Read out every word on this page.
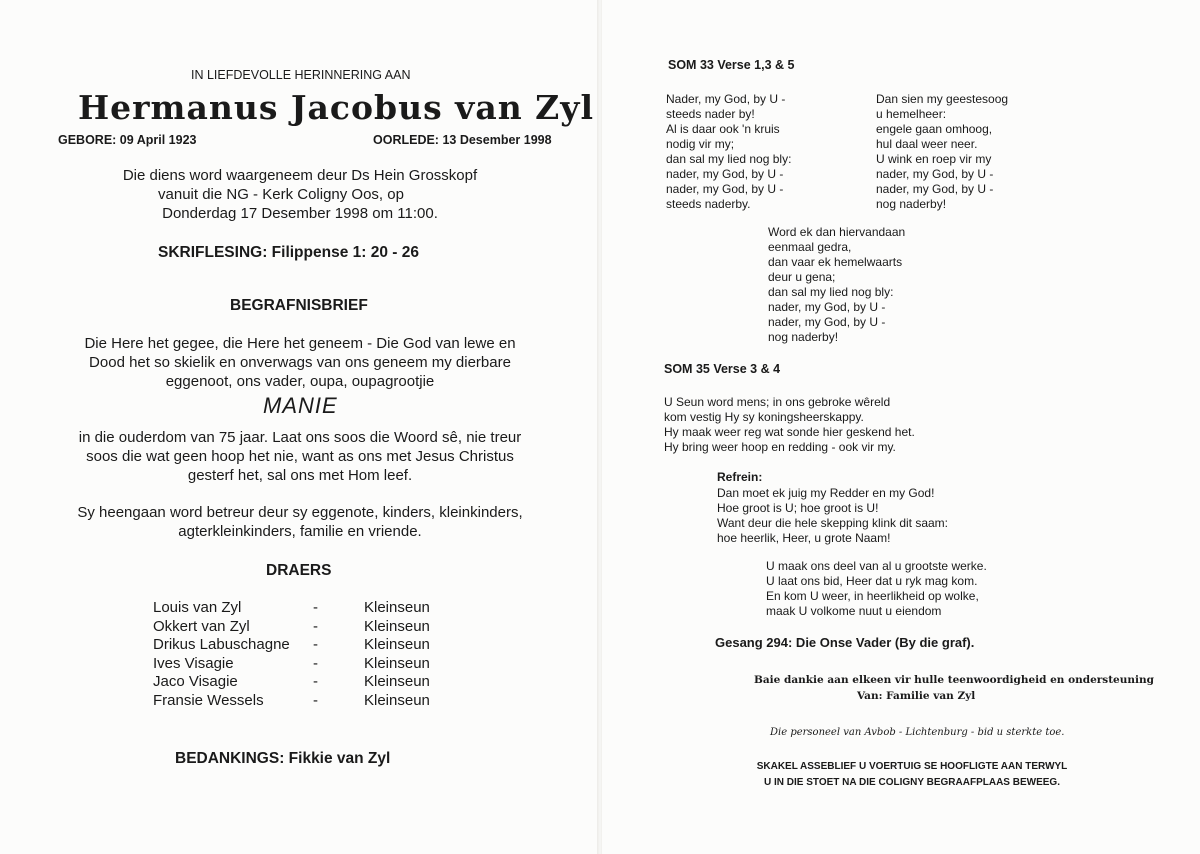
IN LIEFDEVOLLE HERINNERING AAN
Hermanus Jacobus van Zyl
GEBORE: 09 April 1923	OORLEDE: 13 Desember 1998
Die diens word waargeneem deur Ds Hein Grosskopf
vanuit die NG - Kerk Coligny Oos, op
Donderdag 17 Desember 1998 om 11:00.
SKRIFLESING: Filippense 1: 20 - 26
BEGRAFNISBRIEF
Die Here het gegee, die Here het geneem - Die God van lewe en
Dood het so skielik en onverwags van ons geneem my dierbare
eggenoot, ons vader, oupa, oupagrootjie
MANIE
in die ouderdom van 75 jaar. Laat ons soos die Woord sê, nie treur
soos die wat geen hoop het nie, want as ons met Jesus Christus
gesterf het, sal ons met Hom leef.
Sy heengaan word betreur deur sy eggenote, kinders, kleinkinders,
agterkleinkinders, familie en vriende.
DRAERS
Louis van Zyl	-	Kleinseun
Okkert van Zyl	-	Kleinseun
Drikus Labuschagne	-	Kleinseun
Ives Visagie	-	Kleinseun
Jaco Visagie	-	Kleinseun
Fransie Wessels	-	Kleinseun
BEDANKINGS: Fikkie van Zyl
SOM 33 Verse 1,3 & 5
Nader, my God, by U -
steeds nader by!
Al is daar ook 'n kruis
nodig vir my;
dan sal my lied nog bly:
nader, my God, by U -
nader, my God, by U -
steeds naderby.
Dan sien my geestesoog
u hemelheer:
engele gaan omhoog,
hul daal weer neer.
U wink en roep vir my
nader, my God, by U -
nader, my God, by U -
nog naderby!
Word ek dan hiervandaan
eenmaal gedra,
dan vaar ek hemelwaarts
deur u gena;
dan sal my lied nog bly:
nader, my God, by U -
nader, my God, by U -
nog naderby!
SOM 35 Verse 3 & 4
U Seun word mens; in ons gebroke wêreld
kom vestig Hy sy koningsheerskappy.
Hy maak weer reg wat sonde hier geskend het.
Hy bring weer hoop en redding - ook vir my.
Refrein:
Dan moet ek juig my Redder en my God!
Hoe groot is U; hoe groot is U!
Want deur die hele skepping klink dit saam:
hoe heerlik, Heer, u grote Naam!
U maak ons deel van al u grootste werke.
U laat ons bid, Heer dat u ryk mag kom.
En kom U weer, in heerlikheid op wolke,
maak U volkome nuut u eiendom
Gesang 294: Die Onse Vader (By die graf).
Baie dankie aan elkeen vir hulle teenwoordigheid en ondersteuning
Van: Familie van Zyl
Die personeel van Avbob - Lichtenburg - bid u sterkte toe.
SKAKEL ASSEBLIEF U VOERTUIG SE HOOFLIGTE AAN TERWYL
U IN DIE STOET NA DIE COLIGNY BEGRAAFPLAAS BEWEEG.
